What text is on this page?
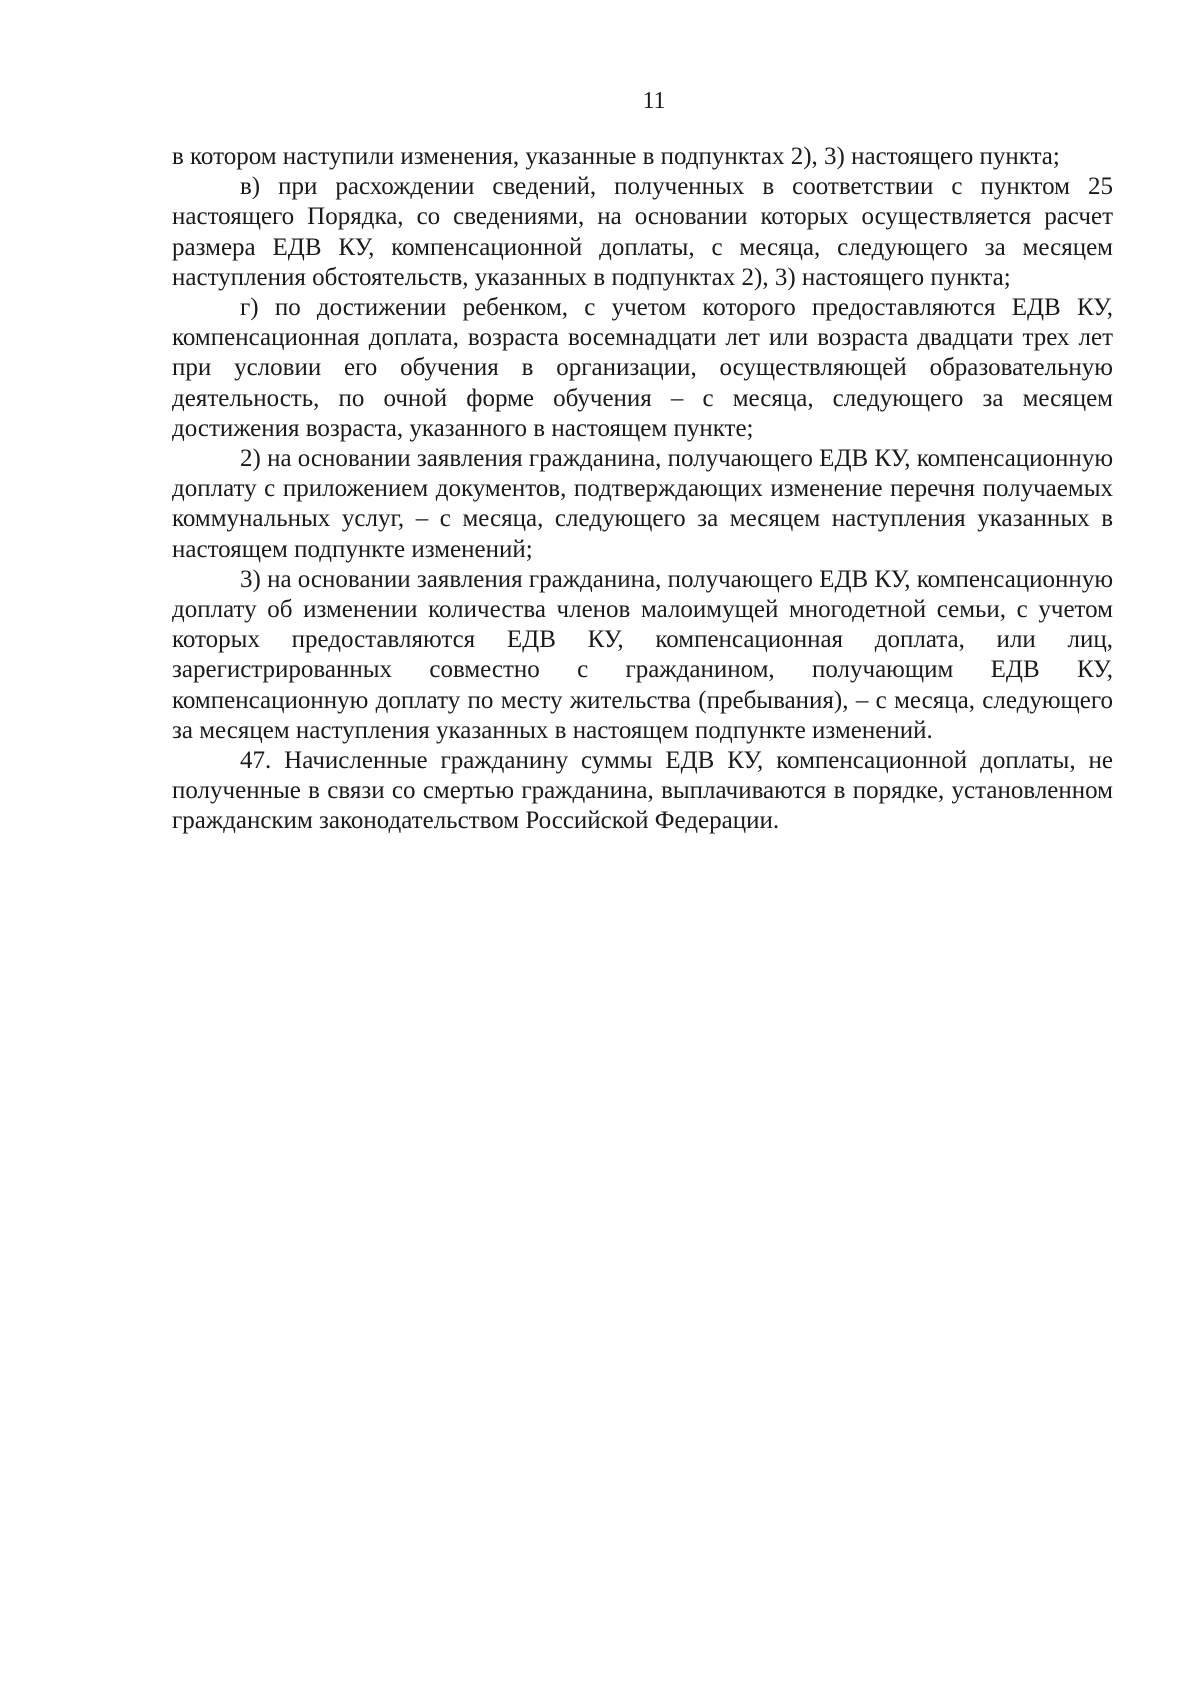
11

в котором наступили изменения, указанные в подпунктах 2), 3) настоящего пункта;

в) при расхождении сведений, полученных в соответствии с пунктом 25 настоящего Порядка, со сведениями, на основании которых осуществляется расчет размера ЕДВ КУ, компенсационной доплаты, с месяца, следующего за месяцем наступления обстоятельств, указанных в подпунктах 2), 3) настоящего пункта;

г) по достижении ребенком, с учетом которого предоставляются ЕДВ КУ, компенсационная доплата, возраста восемнадцати лет или возраста двадцати трех лет при условии его обучения в организации, осуществляющей образовательную деятельность, по очной форме обучения – с месяца, следующего за месяцем достижения возраста, указанного в настоящем пункте;

2) на основании заявления гражданина, получающего ЕДВ КУ, компенсационную доплату с приложением документов, подтверждающих изменение перечня получаемых коммунальных услуг, – с месяца, следующего за месяцем наступления указанных в настоящем подпункте изменений;

3) на основании заявления гражданина, получающего ЕДВ КУ, компенсационную доплату об изменении количества членов малоимущей многодетной семьи, с учетом которых предоставляются ЕДВ КУ, компенсационная доплата, или лиц, зарегистрированных совместно с гражданином, получающим ЕДВ КУ, компенсационную доплату по месту жительства (пребывания), – с месяца, следующего за месяцем наступления указанных в настоящем подпункте изменений.

47. Начисленные гражданину суммы ЕДВ КУ, компенсационной доплаты, не полученные в связи со смертью гражданина, выплачиваются в порядке, установленном гражданским законодательством Российской Федерации.
